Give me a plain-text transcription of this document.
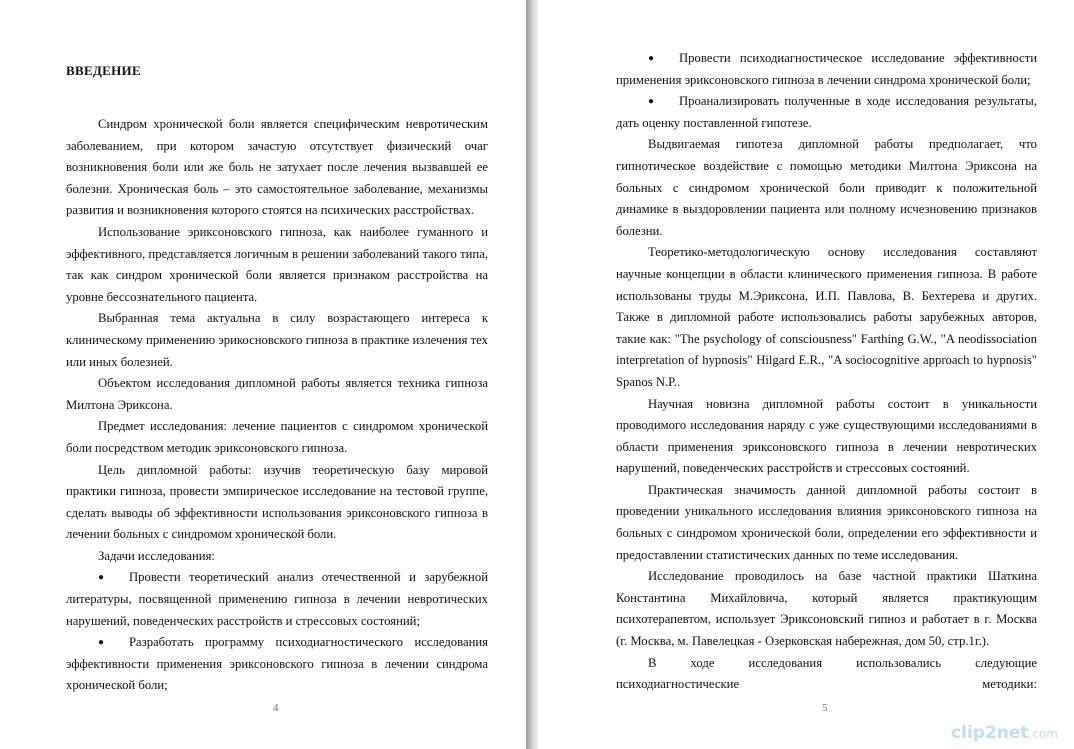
ВВЕДЕНИЕ

Синдром хронической боли является специфическим невротическим заболеванием, при котором зачастую отсутствует физический очаг возникновения боли или же боль не затухает после лечения вызвавшей ее болезни. Хроническая боль – это самостоятельное заболевание, механизмы развития и возникновения которого стоятся на психических расстройствах.

Использование эриксоновского гипноза, как наиболее гуманного и эффективного, представляется логичным в решении заболеваний такого типа, так как синдром хронической боли является признаком расстройства на уровне бессознательного пациента.

Выбранная тема актуальна в силу возрастающего интереса к клиническому применению эрикосновского гипноза в практике излечения тех или иных болезней.

Объектом исследования дипломной работы является техника гипноза Милтона Эриксона.

Предмет исследования: лечение пациентов с синдромом хронической боли посредством методик эриксоновского гипноза.

Цель дипломной работы: изучив теоретическую базу мировой практики гипноза, провести эмпирическое исследование на тестовой группе, сделать выводы об эффективности использования эриксоновского гипноза в лечении больных с синдромом хронической боли.

Задачи исследования:

● Провести теоретический анализ отечественной и зарубежной литературы, посвященной применению гипноза в лечении невротических нарушений, поведенческих расстройств и стрессовых состояний;

● Разработать программу психодиагностического исследования эффективности применения эриксоновского гипноза в лечении синдрома хронической боли;

4

● Провести психодиагностическое исследование эффективности применения эриксоновского гипноза в лечении синдрома хронической боли;

● Проанализировать полученные в ходе исследования результаты, дать оценку поставленной гипотезе.

Выдвигаемая гипотеза дипломной работы предполагает, что гипнотическое воздействие с помощью методики Милтона Эриксона на больных с синдромом хронической боли приводит к положительной динамике в выздоровлении пациента или полному исчезновению признаков болезни.

Теоретико-методологическую основу исследования составляют научные концепции в области клинического применения гипноза. В работе использованы труды М.Эриксона, И.П. Павлова, В. Бехтерева и других. Также в дипломной работе использовались работы зарубежных авторов, такие как: "The psychology of consciousness" Farthing G.W., "A neodissociation interpretation of hypnosis" Hilgard E.R., "A sociocognitive approach to hypnosis" Spanos N.P..

Научная новизна дипломной работы состоит в уникальности проводимого исследования наряду с уже существующими исследованиями в области применения эриксоновского гипноза в лечении невротических нарушений, поведенческих расстройств и стрессовых состояний.

Практическая значимость данной дипломной работы состоит в проведении уникального исследования влияния эриксоновского гипноза на больных с синдромом хронической боли, определении его эффективности и предоставлении статистических данных по теме исследования.

Исследование проводилось на базе частной практики Шаткина Константина Михайловича, который является практикующим психотерапевтом, использует Эриксоновский гипноз и работает в г. Москва (г. Москва, м. Павелецкая - Озерковская набережная, дом 50, стр.1г.).

В ходе исследования использовались следующие психодиагностические методики:

5
clip2net.com
